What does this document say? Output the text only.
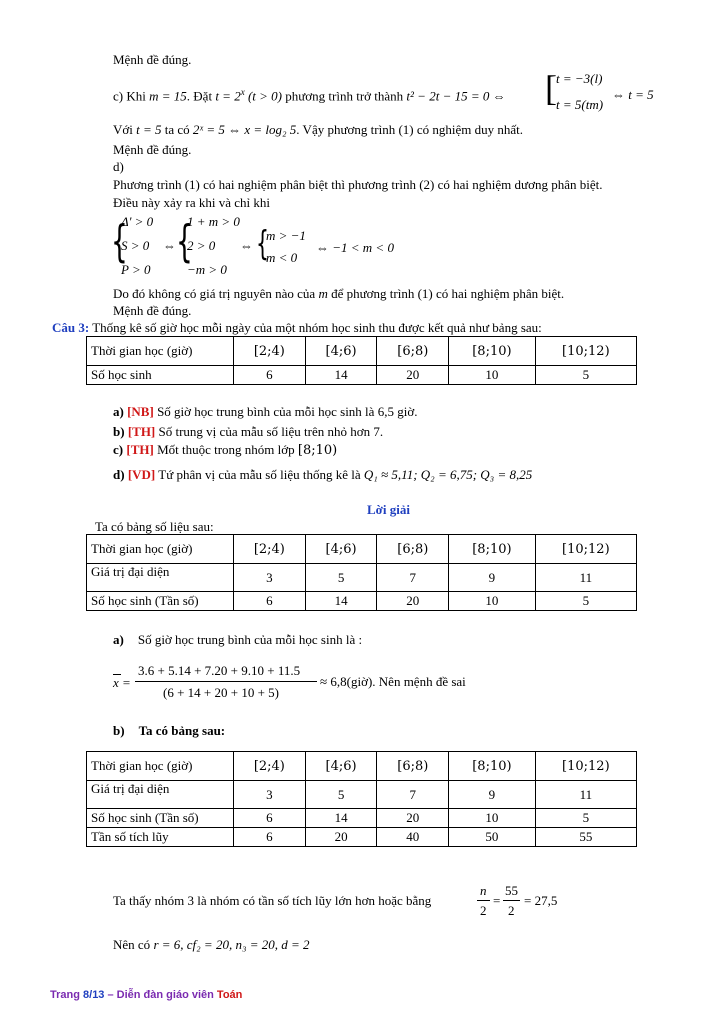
Mệnh đề đúng.
c) Khi m = 15. Đặt $t = 2^x$ (t > 0) phương trình trở thành t² − 2t − 15 = 0 ⇔ [ t = −3(l)
t = 5(tm)
⇔ t = 5
Với t = 5 ta có 2ˣ = 5 ⇔ x = log₂ 5. Vậy phương trình (1) có nghiệm duy nhất.
Mệnh đề đúng.
d)
Phương trình (1) có hai nghiệm phân biệt thì phương trình (2) có hai nghiệm dương phân biệt.
Điều này xảy ra khi và chỉ khi
{
Δ' > 0
S > 0
P > 0
⇔ {
1 + m > 0
2 > 0
−m > 0
⇔ {
m > −1
m < 0
⇔ −1 < m < 0
Do đó không có giá trị nguyên nào của m để phương trình (1) có hai nghiệm phân biệt.
Mệnh đề đúng.
Câu 3: Thống kê số giờ học mỗi ngày của một nhóm học sinh thu được kết quả như bảng sau:
Thời gian học (giờ)	[2;4)	[4;6)	[6;8)	[8;10)	[10;12)
Số học sinh	6	14	20	10	5
a) [NB] Số giờ học trung bình của mỗi học sinh là 6,5 giờ.
b) [TH] Số trung vị của mẫu số liệu trên nhỏ hơn 7.
c) [TH] Mốt thuộc trong nhóm lớp [8;10)
d) [VD] Tứ phân vị của mẫu số liệu thống kê là Q₁ ≈ 5,11; Q₂ = 6,75; Q₃ = 8,25
Lời giải
Ta có bảng số liệu sau:
Thời gian học (giờ)	[2;4)	[4;6)	[6;8)	[8;10)	[10;12)
Giá trị đại diện	3	5	7	9	11
Số học sinh (Tần số)	6	14	20	10	5
a) Số giờ học trung bình của mỗi học sinh là :
x =
3.6 + 5.14 + 7.20 + 9.10 + 11.5
(6 + 14 + 20 + 10 + 5)
≈ 6,8(giờ). Nên mệnh đề sai
b) Ta có bảng sau:
Thời gian học (giờ)	[2;4)	[4;6)	[6;8)	[8;10)	[10;12)
Giá trị đại diện	3	5	7	9	11
Số học sinh (Tần số)	6	14	20	10	5
Tần số tích lũy	6	20	40	50	55
Ta thấy nhóm 3 là nhóm có tần số tích lũy lớn hơn hoặc bằng
n
2
=
55
2
= 27,5
Nên có r = 6, cf₂ = 20, n₃ = 20, d = 2
Trang 8/13 – Diễn đàn giáo viên Toán
